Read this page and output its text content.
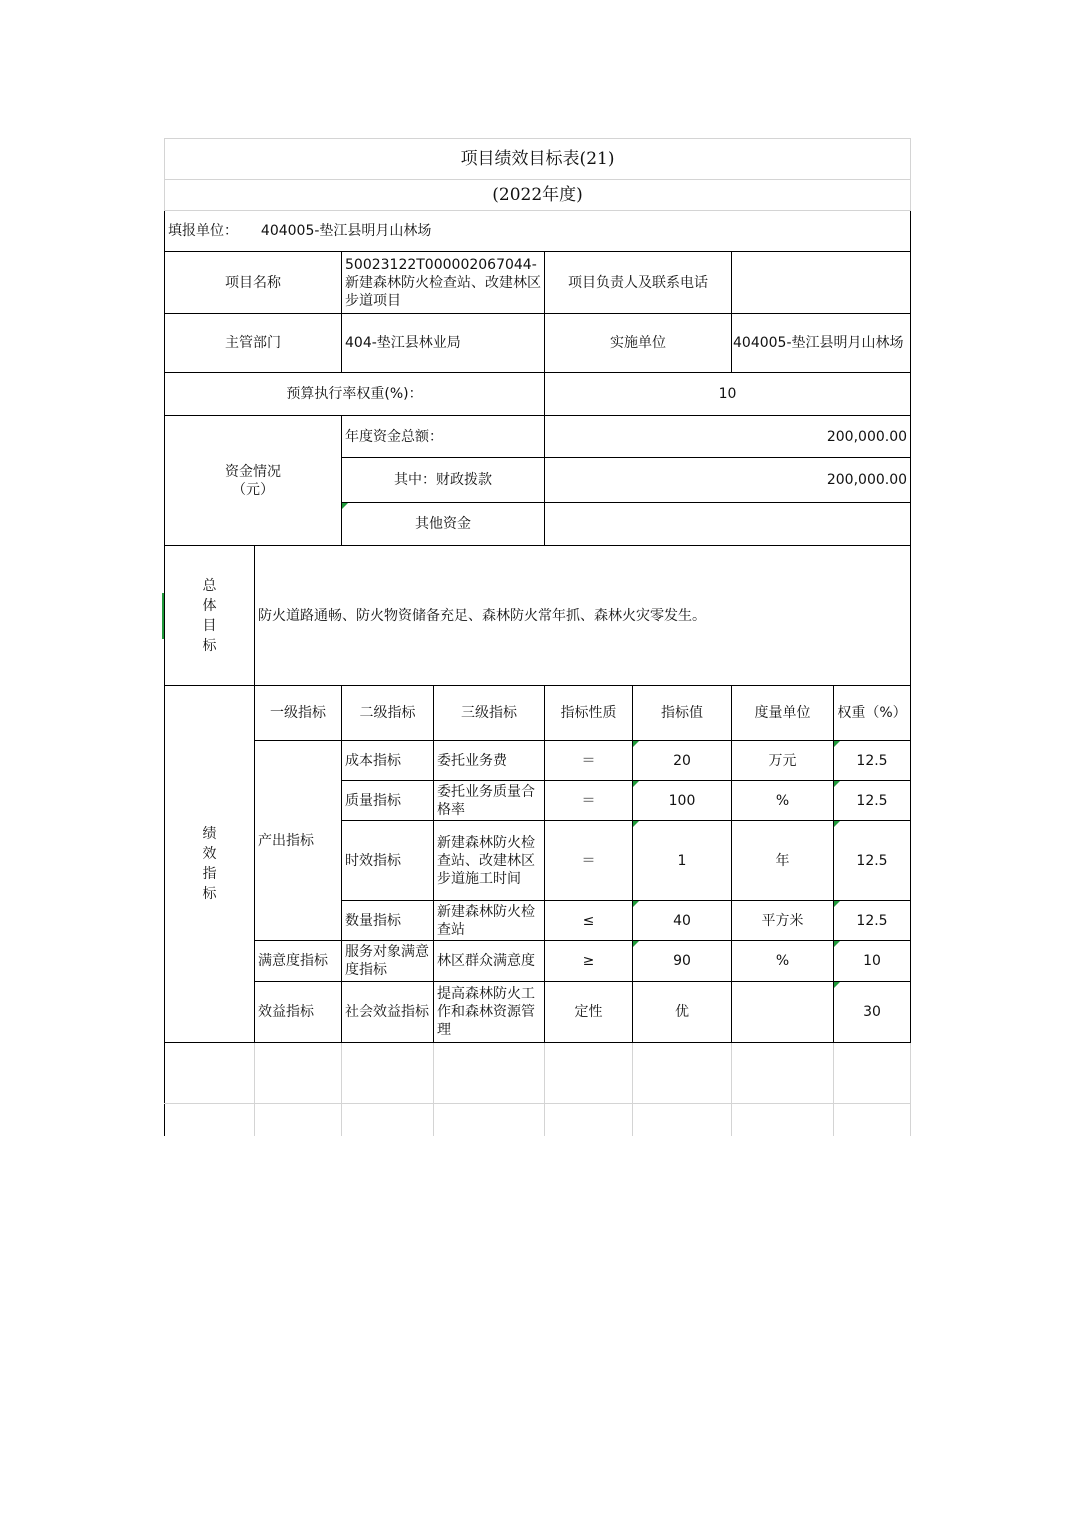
项目绩效目标表(21)							
(2022年度)							
填报单位： 404005-垫江县明月山林场							
项目名称		50023122T000002067044-新建森林防火检查站、改建林区步道项目		项目负责人及联系电话			
主管部门		404-垫江县林业局		实施单位		404005-垫江县明月山林场	
预算执行率权重(%)：				10			

资金情况
（元）		年度资金总额：		200,000.00			
		其中：财政拨款		200,000.00			
		其他资金					

总体目标	防火道路通畅、防火物资储备充足、森林防火常年抓、森林火灾零发生。						

绩效指标	一级指标	二级指标	三级指标	指标性质	指标值	度量单位	权重（%）
	产出指标	成本指标	委托业务费	＝	20	万元	12.5
		质量指标	委托业务质量合格率	＝	100	%	12.5
		时效指标	新建森林防火检查站、改建林区步道施工时间	＝	1	年	12.5
		数量指标	新建森林防火检查站	≤	40	平方米	12.5
	满意度指标	服务对象满意度指标	林区群众满意度	≥	90	%	10
	效益指标	社会效益指标	提高森林防火工作和森林资源管理	定性	优		30
